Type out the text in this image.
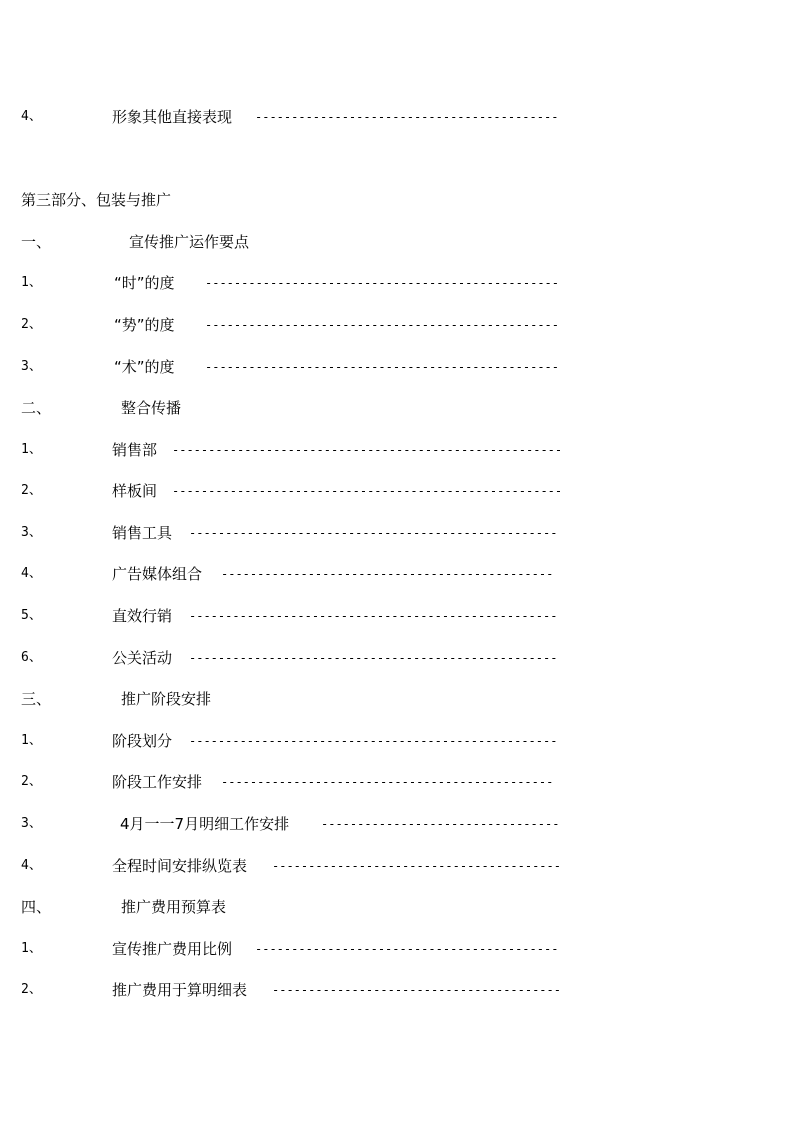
4、	形象其他直接表现 ------------------------------------------
第三部分、包装与推广
一、	宣传推广运作要点
1、	“时”的度	-------------------------------------------------
2、	“势”的度	-------------------------------------------------
3、	“术”的度	-------------------------------------------------
二、	整合传播
1、	销售部 ------------------------------------------------------
2、	样板间 ------------------------------------------------------
3、	销售工具 ---------------------------------------------------
4、	广告媒体组合 ----------------------------------------------
5、	直效行销 ---------------------------------------------------
6、	公关活动 ---------------------------------------------------
三、	推广阶段安排
1、	阶段划分 ---------------------------------------------------
2、	阶段工作安排 ----------------------------------------------
3、	4月一一7月明细工作安排	---------------------------------
4、	全程时间安排纵览表 ----------------------------------------
四、	推广费用预算表
1、	宣传推广费用比例 ------------------------------------------
2、	推广费用于算明细表 ----------------------------------------
